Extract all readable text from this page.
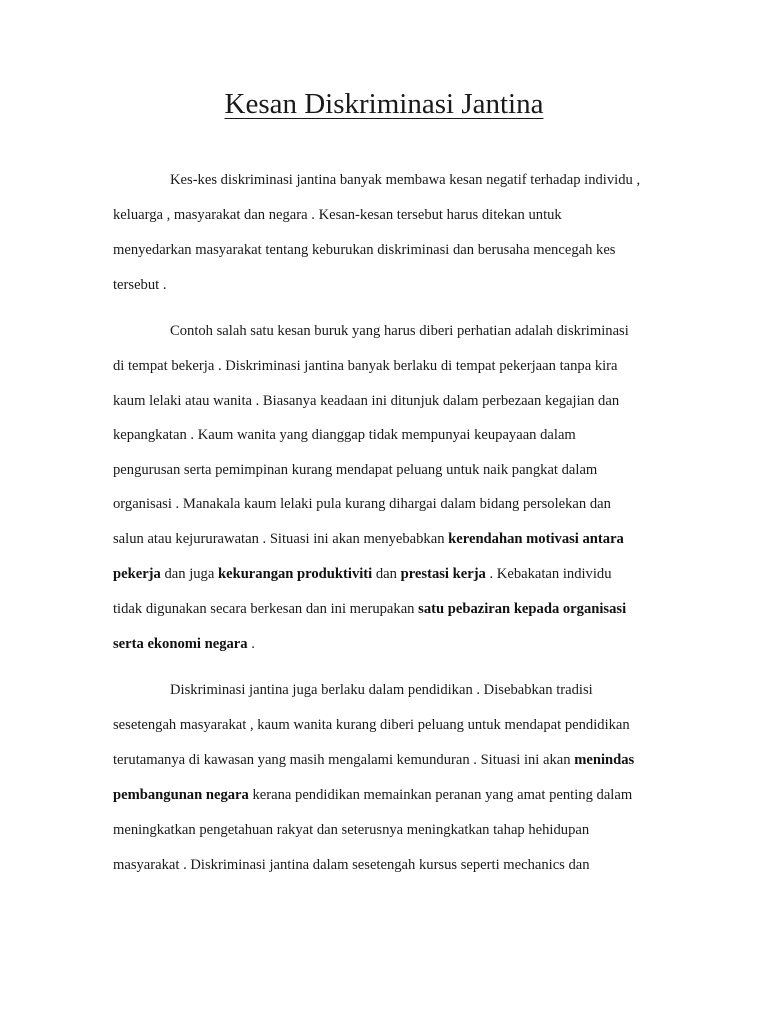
Kesan Diskriminasi Jantina
Kes-kes diskriminasi jantina banyak membawa kesan negatif terhadap individu ,
keluarga , masyarakat dan negara . Kesan-kesan tersebut harus ditekan untuk
menyedarkan masyarakat tentang keburukan diskriminasi dan berusaha mencegah kes
tersebut .
Contoh salah satu kesan buruk yang harus diberi perhatian adalah diskriminasi
di tempat bekerja . Diskriminasi jantina banyak berlaku di tempat pekerjaan tanpa kira
kaum lelaki atau wanita . Biasanya keadaan ini ditunjuk dalam perbezaan kegajian dan
kepangkatan . Kaum wanita yang dianggap tidak mempunyai keupayaan dalam
pengurusan serta pemimpinan kurang mendapat peluang untuk naik pangkat dalam
organisasi . Manakala kaum lelaki pula kurang dihargai dalam bidang persolekan dan
salun atau kejururawatan . Situasi ini akan menyebabkan kerendahan motivasi antara
pekerja dan juga kekurangan produktiviti dan prestasi kerja . Kebakatan individu
tidak digunakan secara berkesan dan ini merupakan satu pebaziran kepada organisasi
serta ekonomi negara .
Diskriminasi jantina juga berlaku dalam pendidikan . Disebabkan tradisi
sesetengah masyarakat , kaum wanita kurang diberi peluang untuk mendapat pendidikan
terutamanya di kawasan yang masih mengalami kemunduran . Situasi ini akan menindas
pembangunan negara kerana pendidikan memainkan peranan yang amat penting dalam
meningkatkan pengetahuan rakyat dan seterusnya meningkatkan tahap hehidupan
masyarakat . Diskriminasi jantina dalam sesetengah kursus seperti mechanics dan
